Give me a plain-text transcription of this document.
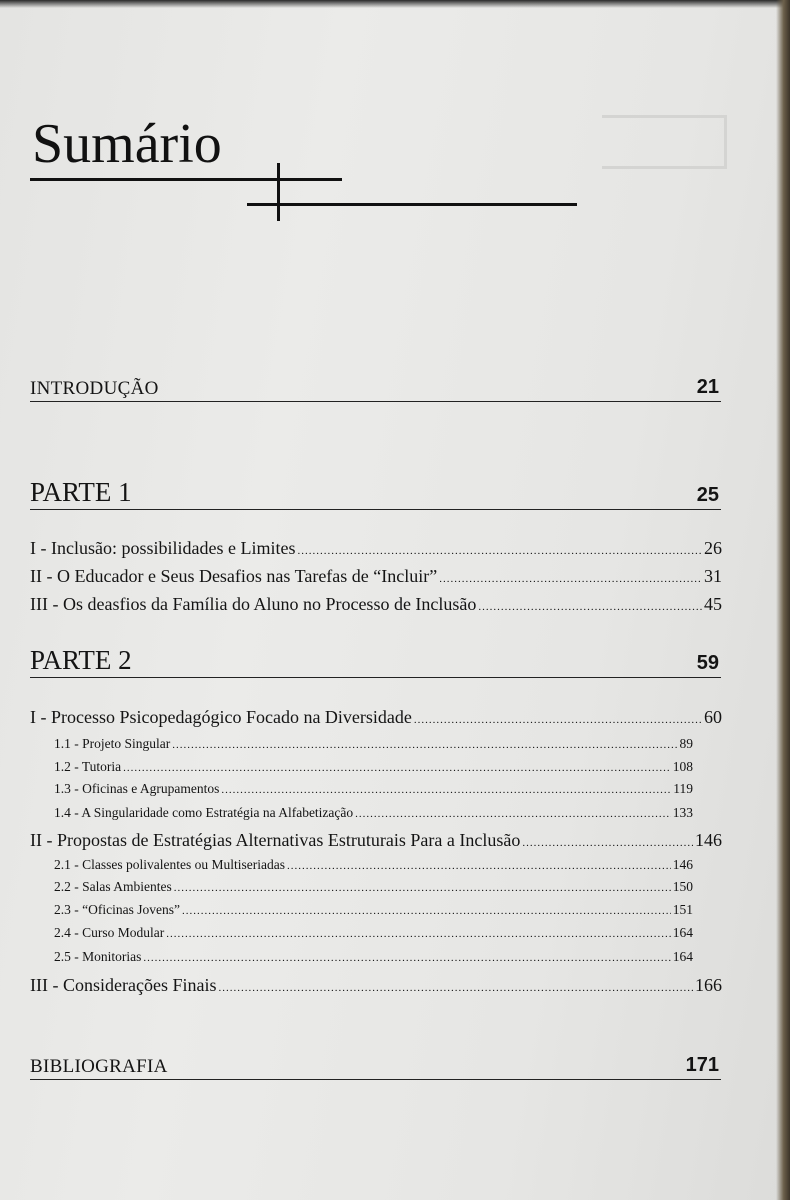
Sumário
INTRODUÇÃO	21
PARTE 1	25
I - Inclusão: possibilidades e Limites .....	26
II - O Educador e Seus Desafios nas Tarefas de “Incluir” .....	31
III - Os deasfios da Família do Aluno no Processo de Inclusão .....	45
PARTE 2	59
I - Processo Psicopedagógico Focado na Diversidade .....	60
1.1 - Projeto Singular .....	89
1.2 - Tutoria .....	108
1.3 - Oficinas e Agrupamentos .....	119
1.4 - A Singularidade como Estratégia na Alfabetização .....	133
II - Propostas de Estratégias Alternativas Estruturais Para a Inclusão .....	146
2.1 - Classes polivalentes ou Multiseriadas .....	146
2.2 - Salas Ambientes .....	150
2.3 - “Oficinas Jovens” .....	151
2.4 - Curso Modular .....	164
2.5 - Monitorias .....	164
III - Considerações Finais .....	166
BIBLIOGRAFIA	171
